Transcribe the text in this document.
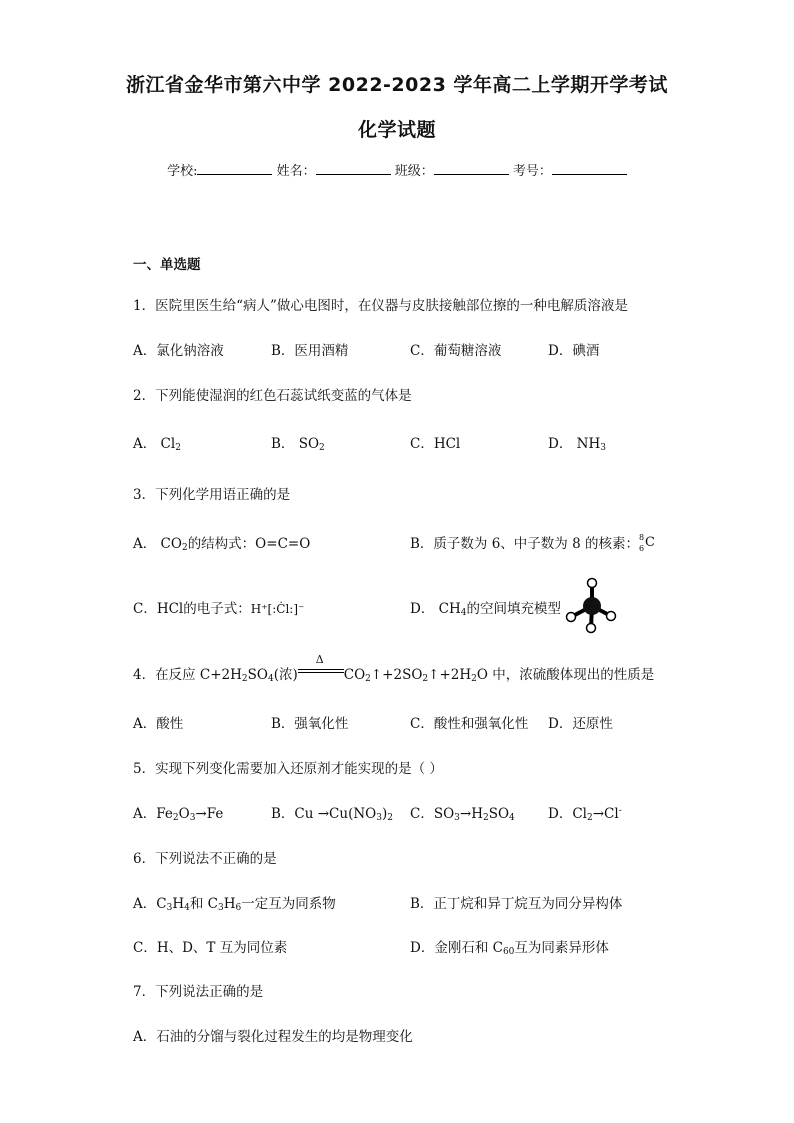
浙江省金华市第六中学 2022-2023 学年高二上学期开学考试
化学试题
学校:	姓名：	班级：	考号：
一、单选题
1．医院里医生给“病人”做心电图时，在仪器与皮肤接触部位擦的一种电解质溶液是
A．氯化钠溶液	B．医用酒精	C．葡萄糖溶液	D．碘酒
2．下列能使湿润的红色石蕊试纸变蓝的气体是
A． $Cl_2$	B． $SO_2$	C．HCl	D． $NH_3$
3．下列化学用语正确的是
A． $CO_2$的结构式：O=C=O	B．质子数为 6、中子数为 8 的核素： 8
6 C
C．HCl的电子式：H⁺[:Ċl:]⁻	D． $CH_4$的空间填充模型
4．在反应 $C+2H_2SO_4$(浓)
Δ
$CO_2↑+2SO_2↑+2H_2O$ 中，浓硫酸体现出的性质是
A．酸性	B．强氧化性	C．酸性和强氧化性 D．还原性
5．实现下列变化需要加入还原剂才能实现的是（ ）
A．$Fe_2O_3\to Fe$	B．$Cu \to Cu(NO_3)_2$ C．$SO_3\to H_2SO_4$ D．$Cl_2\to Cl^-$
6．下列说法不正确的是
A．$C_3H_4$和 $C_3H_6$一定互为同系物	B．正丁烷和异丁烷互为同分异构体
C．H、D、T 互为同位素	D．金刚石和 $C_{60}$互为同素异形体
7．下列说法正确的是
A．石油的分馏与裂化过程发生的均是物理变化
